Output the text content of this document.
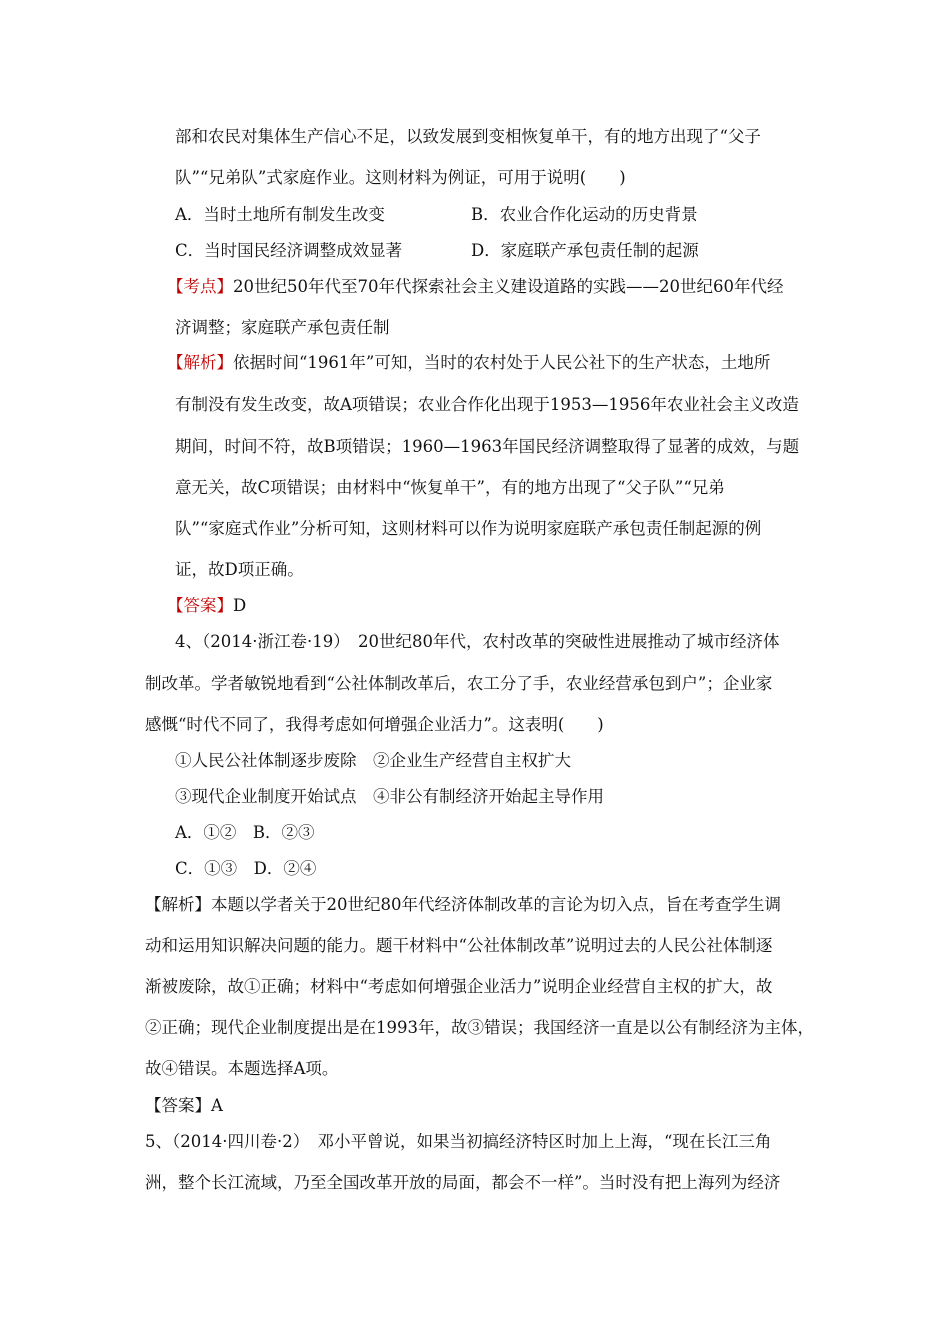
部和农民对集体生产信心不足，以致发展到变相恢复单干，有的地方出现了“父子
队”“兄弟队”式家庭作业。这则材料为例证，可用于说明(　　)
A．当时土地所有制发生改变	B．农业合作化运动的历史背景
C．当时国民经济调整成效显著	D．家庭联产承包责任制的起源
【考点】20世纪50年代至70年代探索社会主义建设道路的实践——20世纪60年代经
济调整；家庭联产承包责任制
【解析】依据时间“1961年”可知，当时的农村处于人民公社下的生产状态，土地所
有制没有发生改变，故A项错误；农业合作化出现于1953—1956年农业社会主义改造
期间，时间不符，故B项错误；1960—1963年国民经济调整取得了显著的成效，与题
意无关，故C项错误；由材料中“恢复单干”，有的地方出现了“父子队”“兄弟
队”“家庭式作业”分析可知，这则材料可以作为说明家庭联产承包责任制起源的例
证，故D项正确。
【答案】D
4、（2014·浙江卷·19）　20世纪80年代，农村改革的突破性进展推动了城市经济体
制改革。学者敏锐地看到“公社体制改革后，农工分了手，农业经营承包到户”；企业家
感慨“时代不同了，我得考虑如何增强企业活力”。这表明(　　)
①人民公社体制逐步废除　②企业生产经营自主权扩大
③现代企业制度开始试点　④非公有制经济开始起主导作用
A．①②　B．②③
C．①③　D．②④
【解析】本题以学者关于20世纪80年代经济体制改革的言论为切入点，旨在考查学生调
动和运用知识解决问题的能力。题干材料中“公社体制改革”说明过去的人民公社体制逐
渐被废除，故①正确；材料中“考虑如何增强企业活力”说明企业经营自主权的扩大，故
②正确；现代企业制度提出是在1993年，故③错误；我国经济一直是以公有制经济为主体，
故④错误。本题选择A项。
【答案】A
5、（2014·四川卷·2）　邓小平曾说，如果当初搞经济特区时加上上海，“现在长江三角
洲，整个长江流域，乃至全国改革开放的局面，都会不一样”。当时没有把上海列为经济
